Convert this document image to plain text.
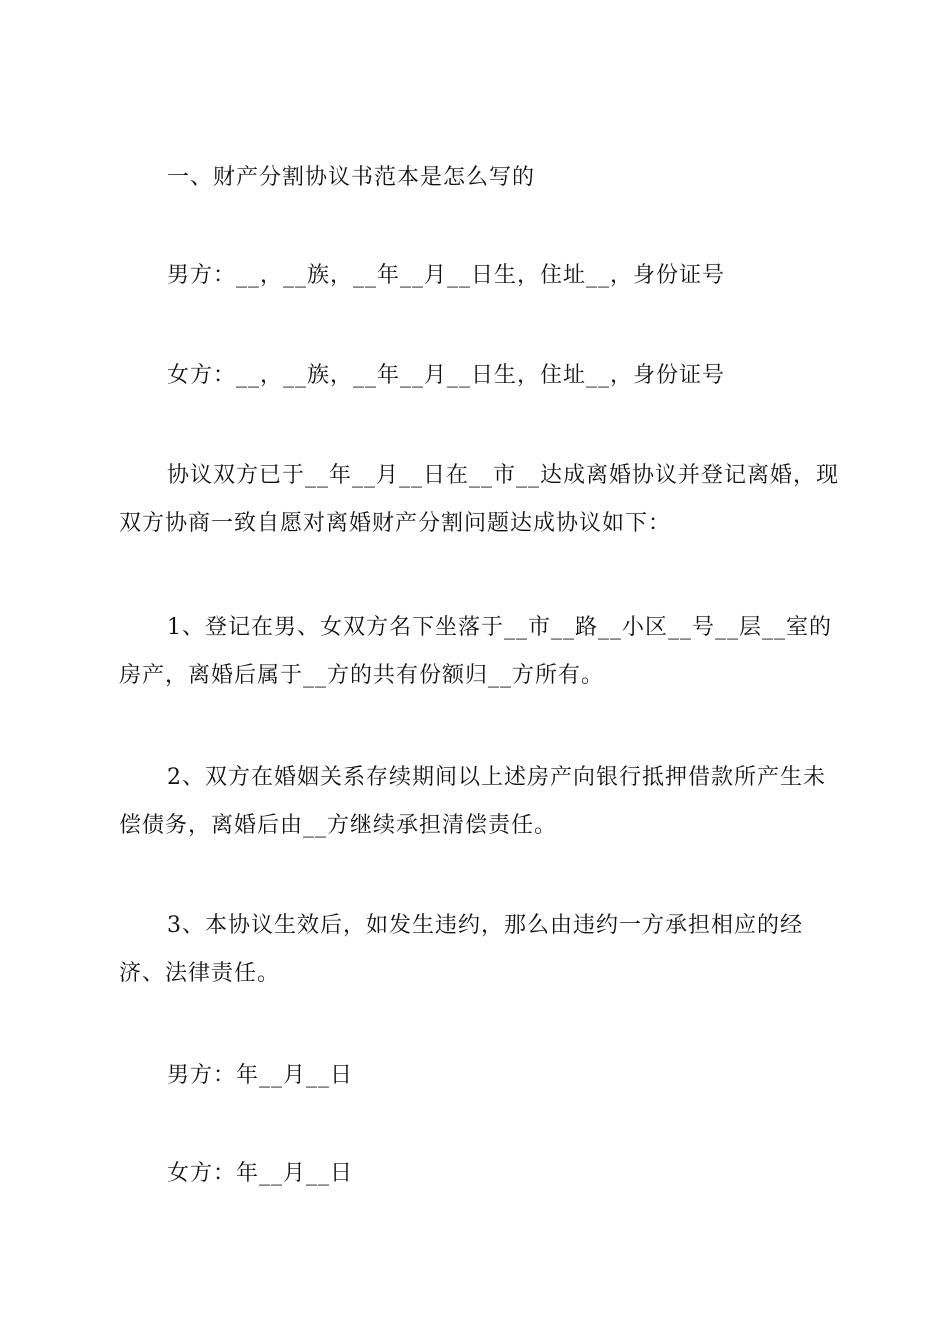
一、财产分割协议书范本是怎么写的

男方：__，__族，__年__月__日生，住址__，身份证号

女方：__，__族，__年__月__日生，住址__，身份证号

协议双方已于__年__月__日在__市__达成离婚协议并登记离婚，现双方协商一致自愿对离婚财产分割问题达成协议如下：

1、登记在男、女双方名下坐落于__市__路__小区__号__层__室的房产，离婚后属于__方的共有份额归__方所有。

2、双方在婚姻关系存续期间以上述房产向银行抵押借款所产生未偿债务，离婚后由__方继续承担清偿责任。

3、本协议生效后，如发生违约，那么由违约一方承担相应的经济、法律责任。

男方：年__月__日

女方：年__月__日
